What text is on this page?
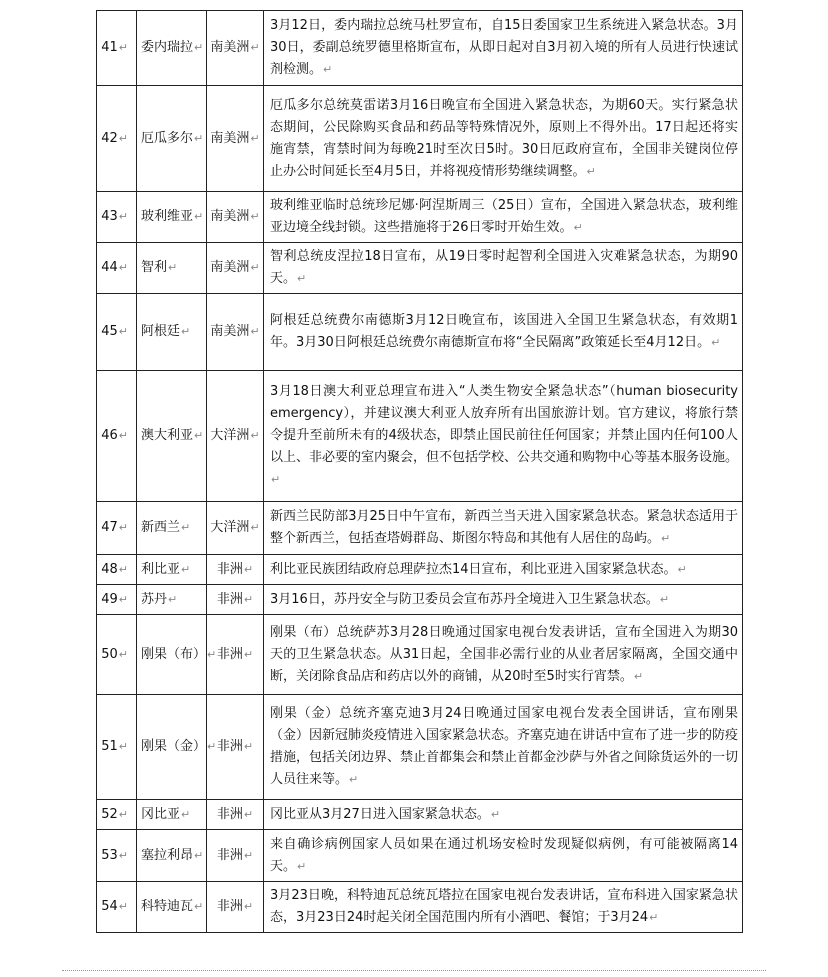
41↵	委内瑞拉↵	南美洲↵	3月12日，委内瑞拉总统马杜罗宣布，自15日委国家卫生系统进入紧急状态。3月30日，委副总统罗德里格斯宣布，从即日起对自3月初入境的所有人员进行快速试剂检测。↵
42↵	厄瓜多尔↵	南美洲↵	厄瓜多尔总统莫雷诺3月16日晚宣布全国进入紧急状态，为期60天。实行紧急状态期间，公民除购买食品和药品等特殊情况外，原则上不得外出。17日起还将实施宵禁，宵禁时间为每晚21时至次日5时。30日厄政府宣布，全国非关键岗位停止办公时间延长至4月5日，并将视疫情形势继续调整。↵
43↵	玻利维亚↵	南美洲↵	玻利维亚临时总统珍尼娜·阿涅斯周三（25日）宣布，全国进入紧急状态，玻利维亚边境全线封锁。这些措施将于26日零时开始生效。↵
44↵	智利↵	南美洲↵	智利总统皮涅拉18日宣布，从19日零时起智利全国进入灾难紧急状态，为期90天。↵
45↵	阿根廷↵	南美洲↵	阿根廷总统费尔南德斯3月12日晚宣布，该国进入全国卫生紧急状态，有效期1年。3月30日阿根廷总统费尔南德斯宣布将“全民隔离”政策延长至4月12日。↵
46↵	澳大利亚↵	大洋洲↵	3月18日澳大利亚总理宣布进入“人类生物安全紧急状态”（human biosecurity emergency），并建议澳大利亚人放弃所有出国旅游计划。官方建议，将旅行禁令提升至前所未有的4级状态，即禁止国民前往任何国家；并禁止国内任何100人以上、非必要的室内聚会，但不包括学校、公共交通和购物中心等基本服务设施。↵
47↵	新西兰↵	大洋洲↵	新西兰民防部3月25日中午宣布，新西兰当天进入国家紧急状态。紧急状态适用于整个新西兰，包括查塔姆群岛、斯图尔特岛和其他有人居住的岛屿。↵
48↵	利比亚↵	非洲↵	利比亚民族团结政府总理萨拉杰14日宣布，利比亚进入国家紧急状态。↵
49↵	苏丹↵	非洲↵	3月16日，苏丹安全与防卫委员会宣布苏丹全境进入卫生紧急状态。↵
50↵	刚果（布）↵	非洲↵	刚果（布）总统萨苏3月28日晚通过国家电视台发表讲话，宣布全国进入为期30天的卫生紧急状态。从31日起，全国非必需行业的从业者居家隔离，全国交通中断，关闭除食品店和药店以外的商铺，从20时至5时实行宵禁。↵
51↵	刚果（金）↵	非洲↵	刚果（金）总统齐塞克迪3月24日晚通过国家电视台发表全国讲话，宣布刚果（金）因新冠肺炎疫情进入国家紧急状态。齐塞克迪在讲话中宣布了进一步的防疫措施，包括关闭边界、禁止首都集会和禁止首都金沙萨与外省之间除货运外的一切人员往来等。↵
52↵	冈比亚↵	非洲↵	冈比亚从3月27日进入国家紧急状态。↵
53↵	塞拉利昂↵	非洲↵	来自确诊病例国家人员如果在通过机场安检时发现疑似病例，有可能被隔离14天。↵
54↵	科特迪瓦↵	非洲↵	3月23日晚，科特迪瓦总统瓦塔拉在国家电视台发表讲话，宣布科进入国家紧急状态，3月23日24时起关闭全国范围内所有小酒吧、餐馆；于3月24↵
